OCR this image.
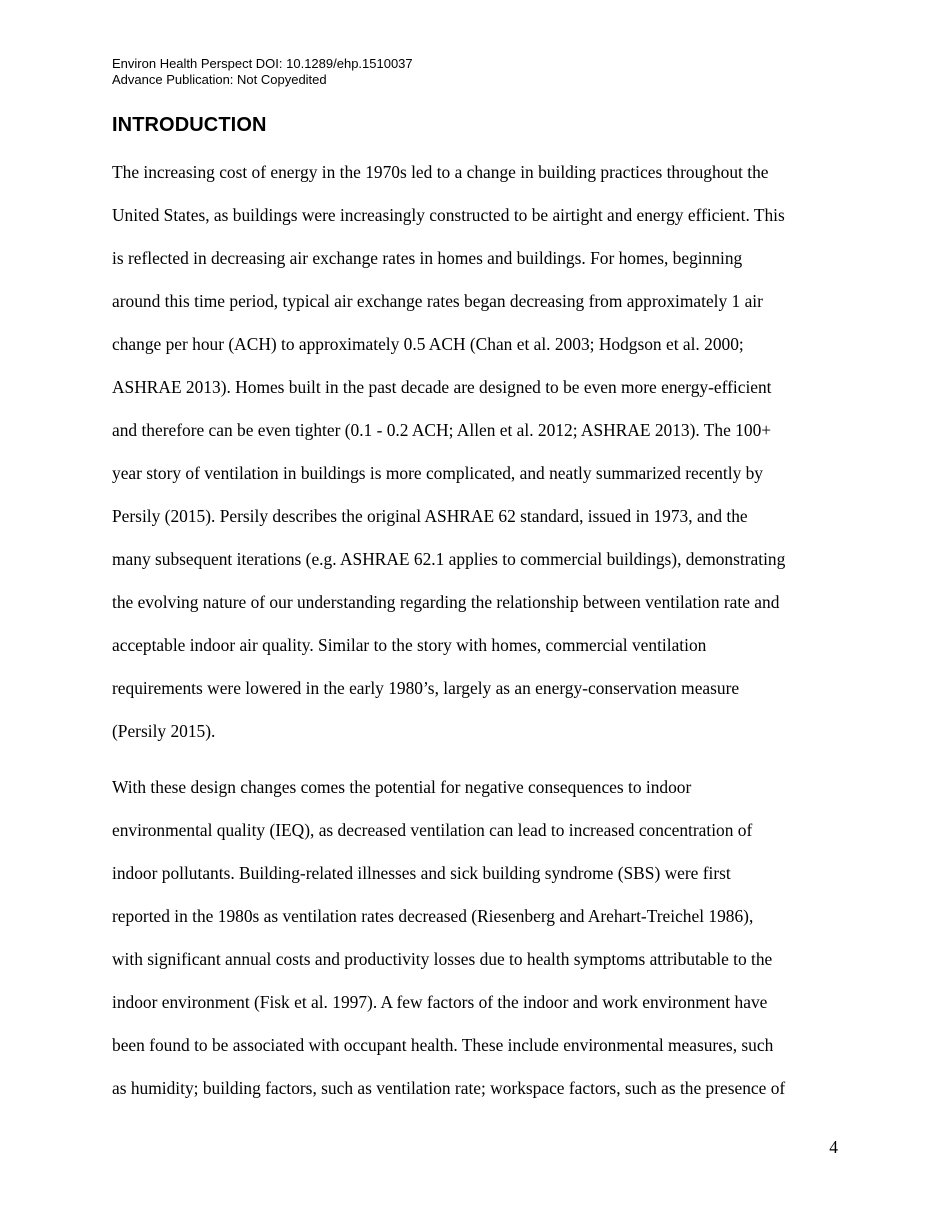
Environ Health Perspect DOI: 10.1289/ehp.1510037
Advance Publication: Not Copyedited
INTRODUCTION
The increasing cost of energy in the 1970s led to a change in building practices throughout the
United States, as buildings were increasingly constructed to be airtight and energy efficient. This
is reflected in decreasing air exchange rates in homes and buildings. For homes, beginning
around this time period, typical air exchange rates began decreasing from approximately 1 air
change per hour (ACH) to approximately 0.5 ACH (Chan et al. 2003; Hodgson et al. 2000;
ASHRAE 2013). Homes built in the past decade are designed to be even more energy-efficient
and therefore can be even tighter (0.1 - 0.2 ACH; Allen et al. 2012; ASHRAE 2013). The 100+
year story of ventilation in buildings is more complicated, and neatly summarized recently by
Persily (2015). Persily describes the original ASHRAE 62 standard, issued in 1973, and the
many subsequent iterations (e.g. ASHRAE 62.1 applies to commercial buildings), demonstrating
the evolving nature of our understanding regarding the relationship between ventilation rate and
acceptable indoor air quality. Similar to the story with homes, commercial ventilation
requirements were lowered in the early 1980’s, largely as an energy-conservation measure
(Persily 2015).
With these design changes comes the potential for negative consequences to indoor
environmental quality (IEQ), as decreased ventilation can lead to increased concentration of
indoor pollutants. Building-related illnesses and sick building syndrome (SBS) were first
reported in the 1980s as ventilation rates decreased (Riesenberg and Arehart-Treichel 1986),
with significant annual costs and productivity losses due to health symptoms attributable to the
indoor environment (Fisk et al. 1997). A few factors of the indoor and work environment have
been found to be associated with occupant health. These include environmental measures, such
as humidity; building factors, such as ventilation rate; workspace factors, such as the presence of
4
